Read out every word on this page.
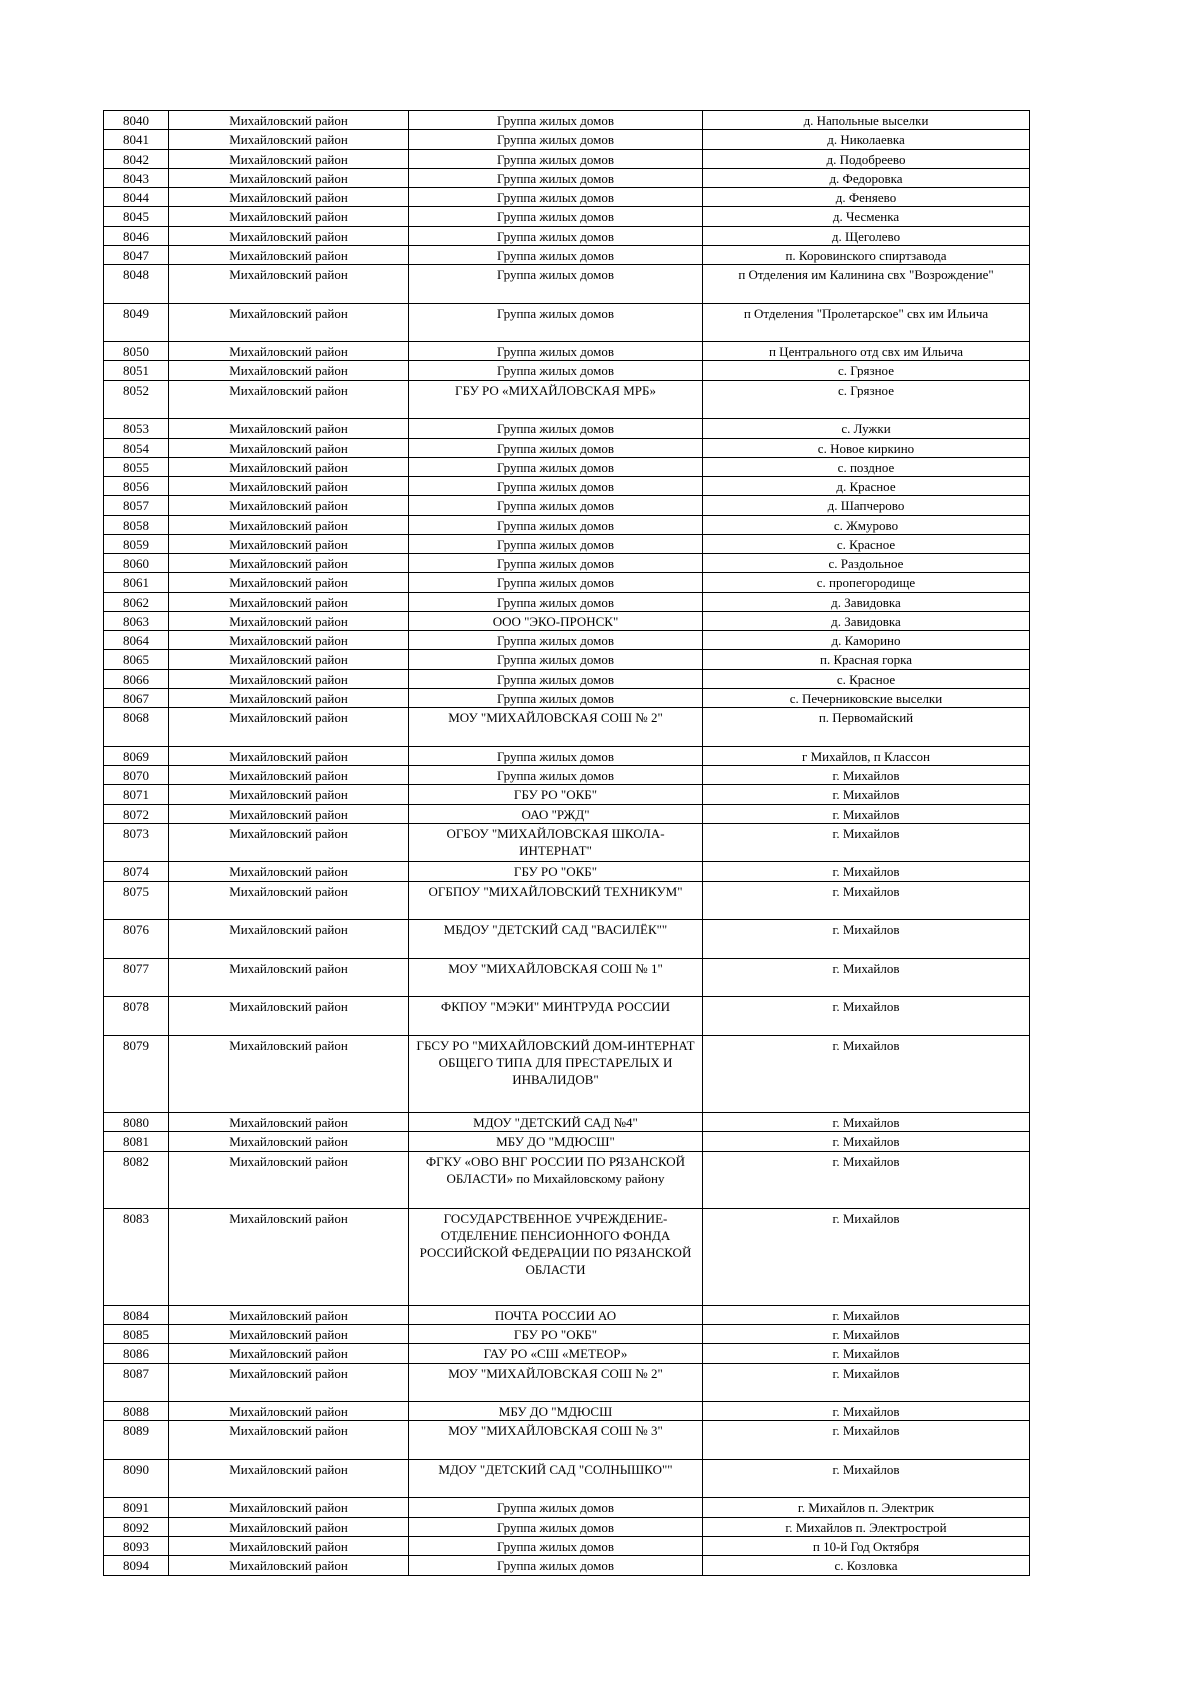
8040	Михайловский район	Группа жилых домов	д. Напольные выселки
8041	Михайловский район	Группа жилых домов	д. Николаевка
8042	Михайловский район	Группа жилых домов	д. Подобреево
8043	Михайловский район	Группа жилых домов	д. Федоровка
8044	Михайловский район	Группа жилых домов	д. Феняево
8045	Михайловский район	Группа жилых домов	д. Чесменка
8046	Михайловский район	Группа жилых домов	д. Щеголево
8047	Михайловский район	Группа жилых домов	п. Коровинского спиртзавода
8048	Михайловский район	Группа жилых домов	п Отделения им Калинина свх "Возрождение"
8049	Михайловский район	Группа жилых домов	п Отделения "Пролетарское" свх им Ильича
8050	Михайловский район	Группа жилых домов	п Центрального отд свх им Ильича
8051	Михайловский район	Группа жилых домов	с. Грязное
8052	Михайловский район	ГБУ РО «МИХАЙЛОВСКАЯ МРБ»	с. Грязное
8053	Михайловский район	Группа жилых домов	с. Лужки
8054	Михайловский район	Группа жилых домов	с. Новое киркино
8055	Михайловский район	Группа жилых домов	с. поздное
8056	Михайловский район	Группа жилых домов	д. Красное
8057	Михайловский район	Группа жилых домов	д. Шапчерово
8058	Михайловский район	Группа жилых домов	с. Жмурово
8059	Михайловский район	Группа жилых домов	с. Красное
8060	Михайловский район	Группа жилых домов	с. Раздольное
8061	Михайловский район	Группа жилых домов	с. пропегородище
8062	Михайловский район	Группа жилых домов	д. Завидовка
8063	Михайловский район	ООО "ЭКО-ПРОНСК"	д. Завидовка
8064	Михайловский район	Группа жилых домов	д. Каморино
8065	Михайловский район	Группа жилых домов	п. Красная горка
8066	Михайловский район	Группа жилых домов	с. Красное
8067	Михайловский район	Группа жилых домов	с. Печерниковские выселки
8068	Михайловский район	МОУ "МИХАЙЛОВСКАЯ СОШ № 2"	п. Первомайский
8069	Михайловский район	Группа жилых домов	г Михайлов, п Классон
8070	Михайловский район	Группа жилых домов	г. Михайлов
8071	Михайловский район	ГБУ РО "ОКБ"	г. Михайлов
8072	Михайловский район	ОАО "РЖД"	г. Михайлов
8073	Михайловский район	ОГБОУ "МИХАЙЛОВСКАЯ ШКОЛА-ИНТЕРНАТ"	г. Михайлов
8074	Михайловский район	ГБУ РО "ОКБ"	г. Михайлов
8075	Михайловский район	ОГБПОУ "МИХАЙЛОВСКИЙ ТЕХНИКУМ"	г. Михайлов
8076	Михайловский район	МБДОУ "ДЕТСКИЙ САД "ВАСИЛЁК""	г. Михайлов
8077	Михайловский район	МОУ "МИХАЙЛОВСКАЯ СОШ № 1"	г. Михайлов
8078	Михайловский район	ФКПОУ "МЭКИ" МИНТРУДА РОССИИ	г. Михайлов
8079	Михайловский район	ГБСУ РО "МИХАЙЛОВСКИЙ ДОМ-ИНТЕРНАТ ОБЩЕГО ТИПА ДЛЯ ПРЕСТАРЕЛЫХ И ИНВАЛИДОВ"	г. Михайлов
8080	Михайловский район	МДОУ "ДЕТСКИЙ САД №4"	г. Михайлов
8081	Михайловский район	МБУ ДО "МДЮСШ"	г. Михайлов
8082	Михайловский район	ФГКУ «ОВО ВНГ РОССИИ ПО РЯЗАНСКОЙ ОБЛАСТИ» по Михайловскому району	г. Михайлов
8083	Михайловский район	ГОСУДАРСТВЕННОЕ УЧРЕЖДЕНИЕ-ОТДЕЛЕНИЕ ПЕНСИОННОГО ФОНДА РОССИЙСКОЙ ФЕДЕРАЦИИ ПО РЯЗАНСКОЙ ОБЛАСТИ	г. Михайлов
8084	Михайловский район	ПОЧТА РОССИИ АО	г. Михайлов
8085	Михайловский район	ГБУ РО "ОКБ"	г. Михайлов
8086	Михайловский район	ГАУ РО «СШ «МЕТЕОР»	г. Михайлов
8087	Михайловский район	МОУ "МИХАЙЛОВСКАЯ СОШ № 2"	г. Михайлов
8088	Михайловский район	МБУ ДО "МДЮСШ	г. Михайлов
8089	Михайловский район	МОУ "МИХАЙЛОВСКАЯ СОШ № 3"	г. Михайлов
8090	Михайловский район	МДОУ "ДЕТСКИЙ САД "СОЛНЫШКО""	г. Михайлов
8091	Михайловский район	Группа жилых домов	г. Михайлов п. Электрик
8092	Михайловский район	Группа жилых домов	г. Михайлов п. Электрострой
8093	Михайловский район	Группа жилых домов	п 10-й Год Октября
8094	Михайловский район	Группа жилых домов	с. Козловка
